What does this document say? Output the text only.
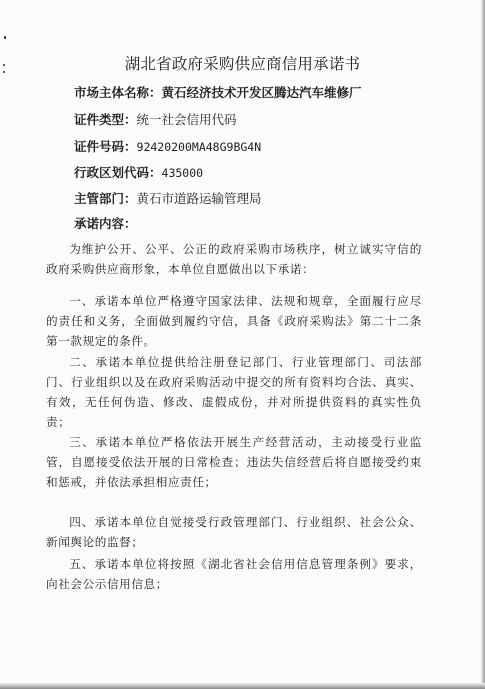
湖北省政府采购供应商信用承诺书
市场主体名称：黄石经济技术开发区腾达汽车维修厂
证件类型：统一社会信用代码
证件号码：92420200MA48G9BG4N
行政区划代码：435000
主管部门：黄石市道路运输管理局
承诺内容：

为维护公开、公平、公正的政府采购市场秩序，树立诚实守信的政府采购供应商形象，本单位自愿做出以下承诺：

一、承诺本单位严格遵守国家法律、法规和规章，全面履行应尽的责任和义务，全面做到履约守信，具备《政府采购法》第二十二条第一款规定的条件。

二、承诺本单位提供给注册登记部门、行业管理部门、司法部门、行业组织以及在政府采购活动中提交的所有资料均合法、真实、有效，无任何伪造、修改、虚假成份，并对所提供资料的真实性负责；

三、承诺本单位严格依法开展生产经营活动，主动接受行业监管，自愿接受依法开展的日常检查；违法失信经营后将自愿接受约束和惩戒，并依法承担相应责任；

四、承诺本单位自觉接受行政管理部门、行业组织、社会公众、新闻舆论的监督；

五、承诺本单位将按照《湖北省社会信用信息管理条例》要求，向社会公示信用信息；
